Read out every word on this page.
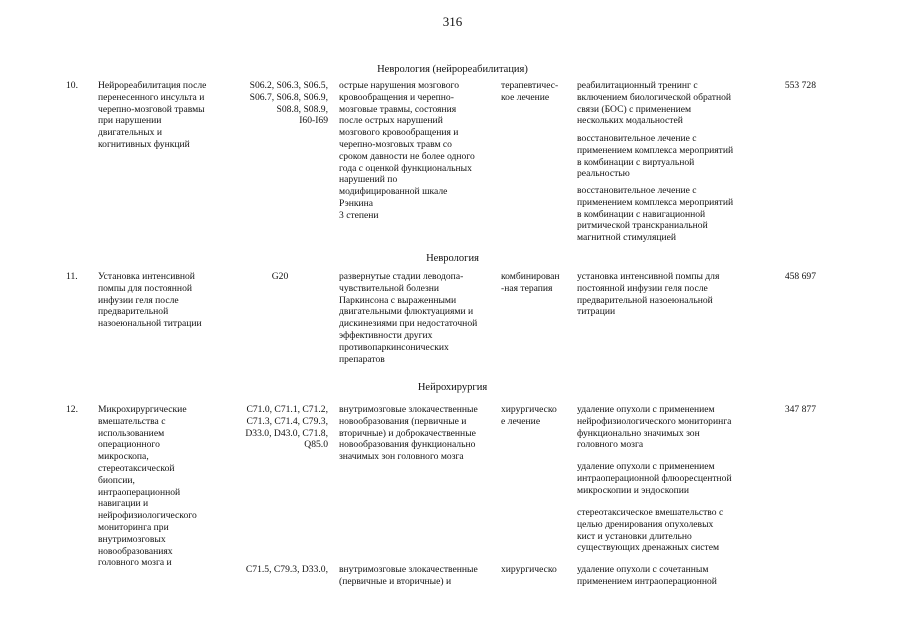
316
Неврология (нейрореабилитация)
10. Нейрореабилитация после
перенесенного инсульта и
черепно-мозговой травмы
при нарушении
двигательных и
когнитивных функций
S06.2, S06.3, S06.5,
S06.7, S06.8, S06.9,
S08.8, S08.9,
I60-I69
острые нарушения мозгового
кровообращения и черепно-
мозговые травмы, состояния
после острых нарушений
мозгового кровообращения и
черепно-мозговых травм со
сроком давности не более одного
года с оценкой функциональных
нарушений по
модифицированной шкале
Рэнкина
3 степени
терапевтичес-
кое лечение
реабилитационный тренинг с
включением биологической обратной
связи (БОС) с применением
нескольких модальностей
восстановительное лечение с
применением комплекса мероприятий
в комбинации с виртуальной
реальностью
восстановительное лечение с
применением комплекса мероприятий
в комбинации с навигационной
ритмической транскраниальной
магнитной стимуляцией
553 728
Неврология
11. Установка интенсивной
помпы для постоянной
инфузии геля после
предварительной
назоеюнальной титрации
G20	развернутые стадии леводопа-
чувствительной болезни
Паркинсона с выраженными
двигательными флюктуациями и
дискинезиями при недостаточной
эффективности других
противопаркинсонических
препаратов
комбинирован
-ная терапия
установка интенсивной помпы для
постоянной инфузии геля после
предварительной назоеюнальной
титрации
458 697
Нейрохирургия
12. Микрохирургические
вмешательства с
использованием
операционного
микроскопа,
стереотаксической
биопсии,
интраоперационной
навигации и
нейрофизиологического
мониторинга при
внутримозговых
новообразованиях
головного мозга и
C71.0, C71.1, C71.2,
C71.3, C71.4, C79.3,
D33.0, D43.0, C71.8,
Q85.0
внутримозговые злокачественные
новообразования (первичные и
вторичные) и доброкачественные
новообразования функционально
значимых зон головного мозга
хирургическо
е лечение
удаление опухоли с применением
нейрофизиологического мониторинга
функционально значимых зон
головного мозга
удаление опухоли с применением
интраоперационной флюоресцентной
микроскопии и эндоскопии
стереотаксическое вмешательство с
целью дренирования опухолевых
кист и установки длительно
существующих дренажных систем
347 877
C71.5, C79.3, D33.0, внутримозговые злокачественные
(первичные и вторичные) и
хирургическо удаление опухоли с сочетанным
применением интраоперационной
